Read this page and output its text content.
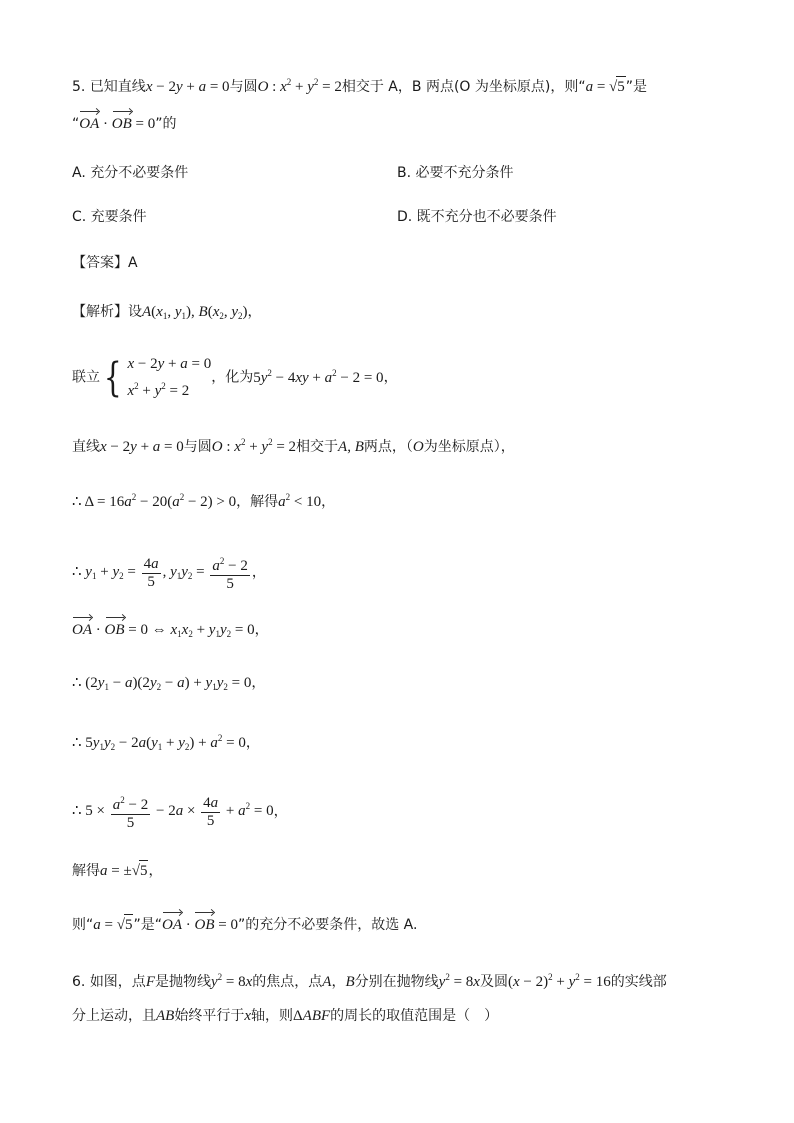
5. 已知直线x − 2y + a = 0与圆O : $x^2 + y^2 = 2$相交于 A，B 两点(O 为坐标原点)，则“a = √5”是
“OA · OB = 0”的
A. 充分不必要条件	B. 必要不充分条件
C. 充要条件	D. 既不充分也不必要条件
【答案】A
【解析】设$A(x_1$, $y_1$), $B(x_2$, $y_2$)，
联立 { x − 2y + a = 0
$x^2 + y^2 = 2$
，化为$5y^2 - 4xy + a^2 - 2 = 0$，
直线x − 2y + a = 0与圆O : $x^2 + y^2 = 2$相交于A, B两点，（O为坐标原点），
∴ $\Delta = 16a^2 - 20(a^2 - 2) > 0$，解得$a^2 < 10$，
∴ $y_1 + y_2 = \frac{4a}{5}$ , $y_1y_2 = \frac{a^2 - 2}{5}$ ，
OA · OB = 0 ⇔ $x_1x_2 + y_1y_2 = 0$，
∴ $(2y_1 - a)(2y_2 - a) + y_1y_2 = 0$，
∴ $5y_1y_2 - 2a(y_1 + y_2) + a^2 = 0$，
∴ $5 \times \frac{a^2 - 2}{5} - 2a \times \frac{4a}{5} + a^2 = 0$，
解得a = ±√5，
则“a = √5”是“OA · OB = 0”的充分不必要条件，故选 A.
6. 如图，点F是抛物线$y^2 = 8x$的焦点，点A，B分别在抛物线$y^2 = 8x$及圆$(x - 2)^2 + y^2 = 16$的实线部
分上运动，且AB始终平行于x轴，则ΔABF的周长的取值范围是（　）
